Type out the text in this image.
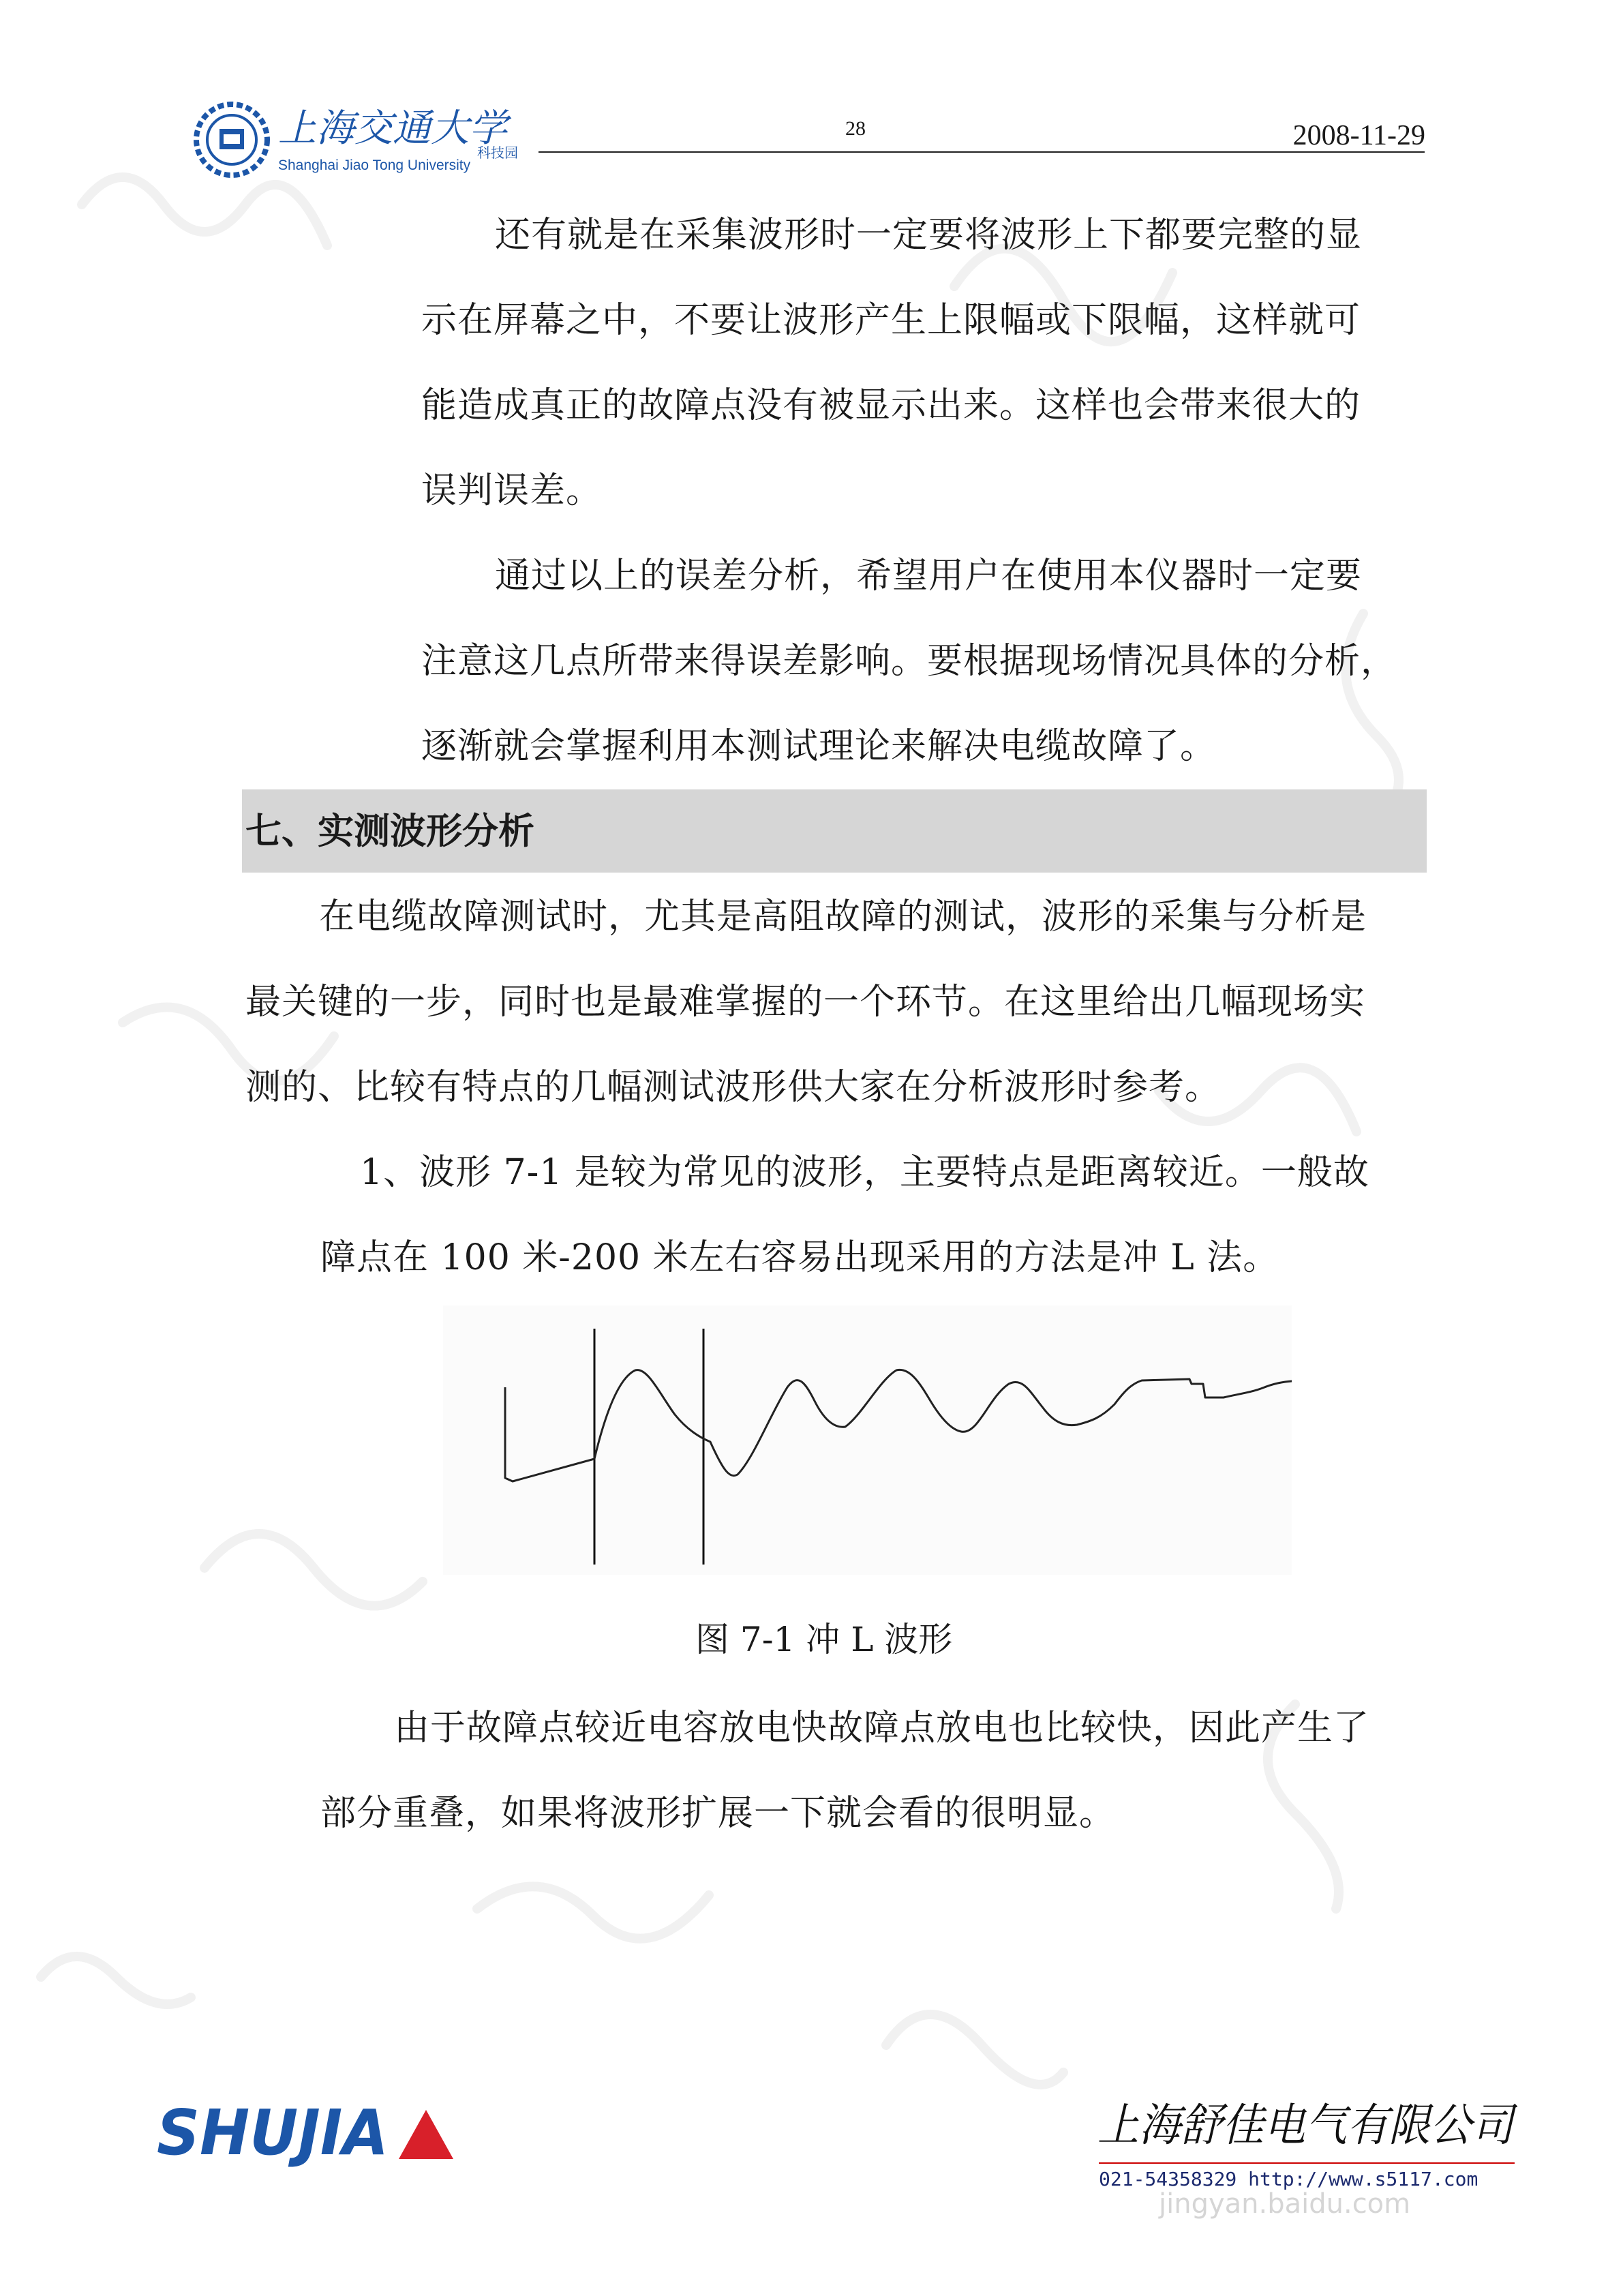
上海交通大学
科技园
Shanghai Jiao Tong University
28	2008-11-29
还有就是在采集波形时一定要将波形上下都要完整的显
示在屏幕之中，不要让波形产生上限幅或下限幅，这样就可
能造成真正的故障点没有被显示出来。这样也会带来很大的
误判误差。
通过以上的误差分析，希望用户在使用本仪器时一定要
注意这几点所带来得误差影响。要根据现场情况具体的分析，
逐渐就会掌握利用本测试理论来解决电缆故障了。
七、实测波形分析
在电缆故障测试时，尤其是高阻故障的测试，波形的采集与分析是
最关键的一步，同时也是最难掌握的一个环节。在这里给出几幅现场实
测的、比较有特点的几幅测试波形供大家在分析波形时参考。
1、波形 7-1 是较为常见的波形，主要特点是距离较近。一般故
障点在 100 米-200 米左右容易出现采用的方法是冲 L 法。
图 7-1 冲 L 波形
由于故障点较近电容放电快故障点放电也比较快，因此产生了
部分重叠，如果将波形扩展一下就会看的很明显。
SHUJIA	上海舒佳电气有限公司
021-54358329 http://www.s5117.com
jingyan.baidu.com
